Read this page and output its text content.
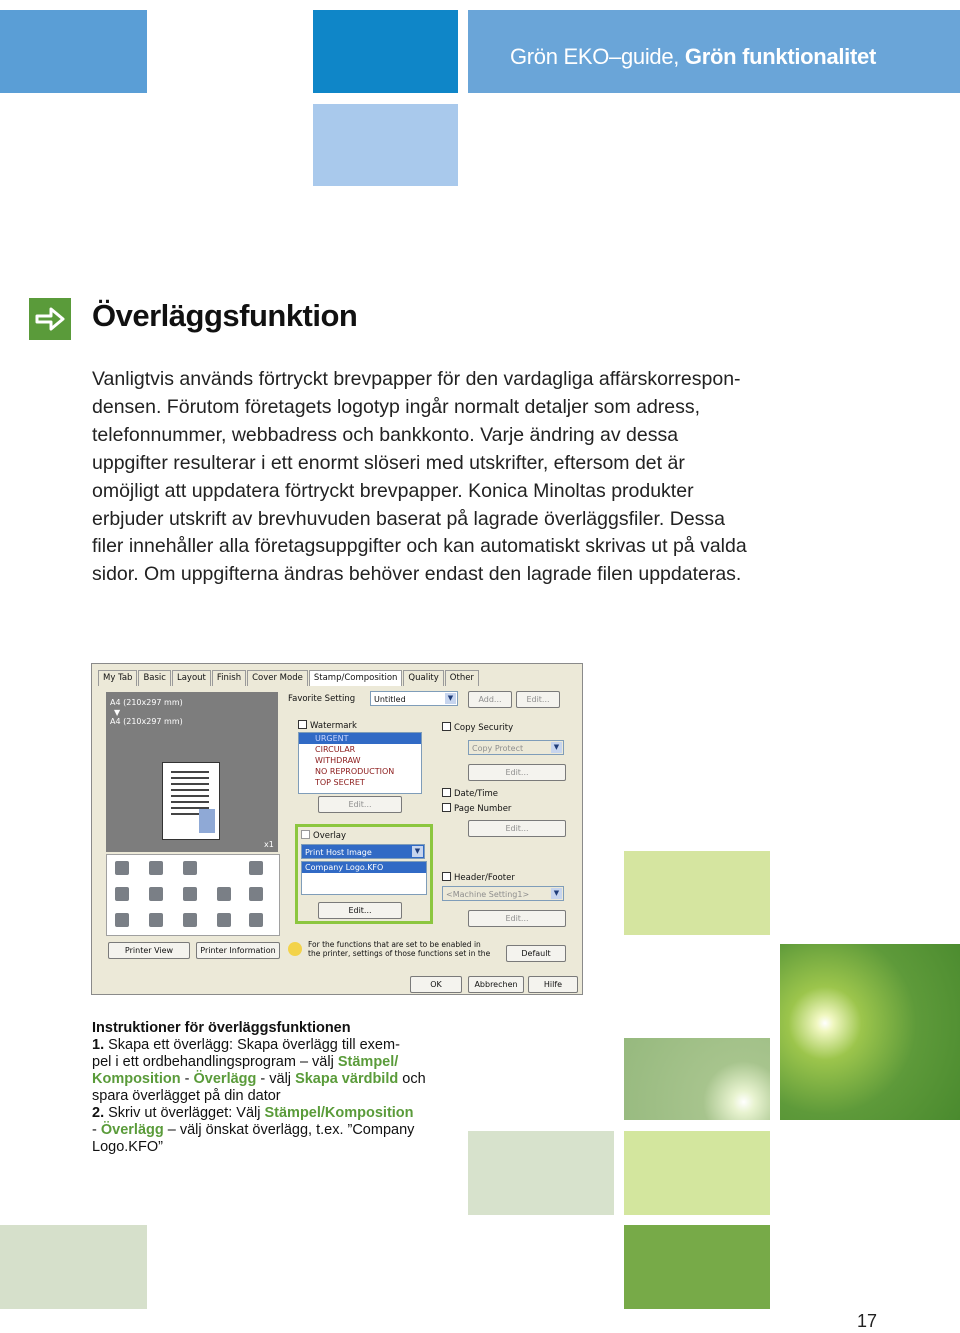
Grön EKO–guide, Grön funktionalitet
Överläggsfunktion

Vanligtvis används förtryckt brevpapper för den vardagliga affärskorrespon-

densen. Förutom företagets logotyp ingår normalt detaljer som adress,

telefonnummer, webbadress och bankkonto. Varje ändring av dessa

uppgifter resulterar i ett enormt slöseri med utskrifter, eftersom det är

omöjligt att uppdatera förtryckt brevpapper. Konica Minoltas produkter

erbjuder utskrift av brevhuvuden baserat på lagrade överläggsfiler. Dessa

filer innehåller alla företagsuppgifter och kan automatiskt skrivas ut på valda

sidor. Om uppgifterna ändras behöver endast den lagrade filen uppdateras.

My Tab	Basic	Layout	Finish	Cover Mode	Stamp/Composition	Quality	Other
A4 (210x297 mm)
▼
A4 (210x297 mm)
x1
Printer View	Printer Information
Favorite Setting	Untitled	▼	Add...	Edit...
Watermark
URGENT
CIRCULAR
WITHDRAW
NO REPRODUCTION
TOP SECRET
Edit...
Overlay
Print Host Image	▼
Company Logo.KFO
Edit...
Copy Security
Copy Protect	▼
Edit...
Date/Time
Page Number
Edit...
Header/Footer
<Machine Setting1>	▼
Edit...
For the functions that are set to be enabled in
the printer, settings of those functions set in the	Default
OK	Abbrechen	Hilfe

Instruktioner för överläggsfunktionen

1. Skapa ett överlägg: Skapa överlägg till exem-

pel i ett ordbehandlingsprogram – välj Stämpel/

Komposition - Överlägg - välj Skapa värdbild och

spara överlägget på din dator

2. Skriv ut överlägget: Välj Stämpel/Komposition

- Överlägg – välj önskat överlägg, t.ex. ”Company

Logo.KFO”

17
